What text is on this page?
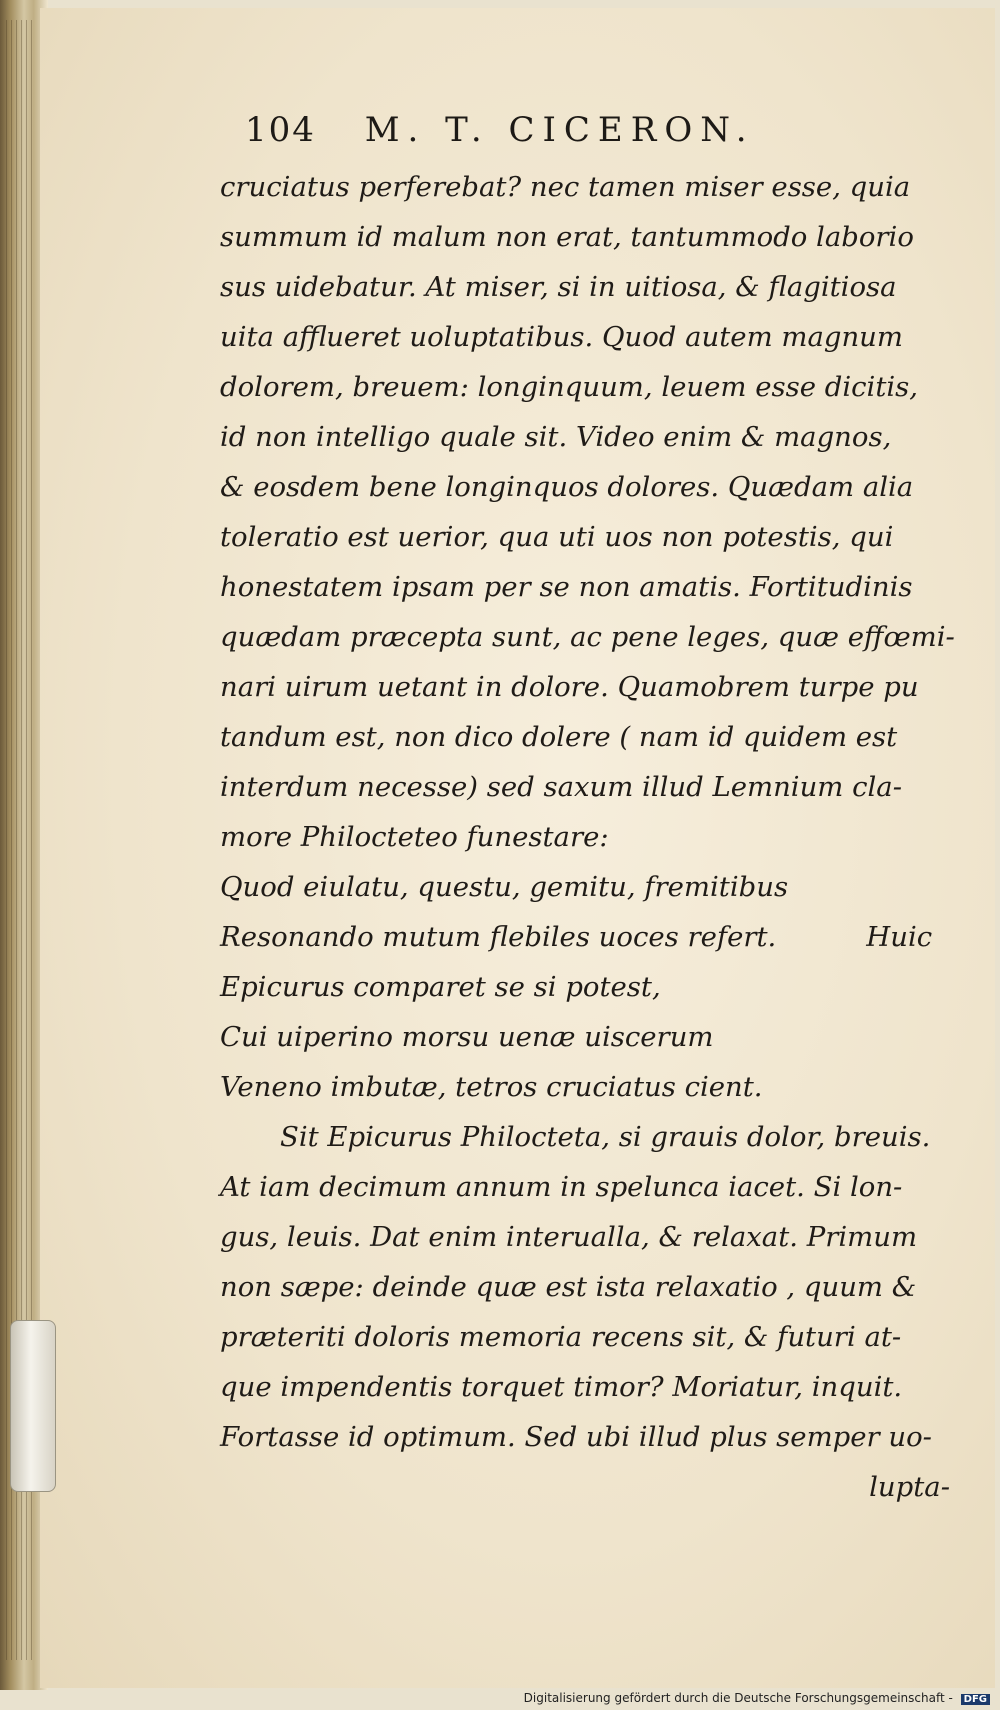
104 M. T. CICERON.
cruciatus perferebat? nec tamen miser esse, quia
summum id malum non erat, tantummodo laborio
sus uidebatur. At miser, si in uitiosa, & flagitiosa
uita afflueret uoluptatibus. Quod autem magnum
dolorem, breuem: longinquum, leuem esse dicitis,
id non intelligo quale sit. Video enim & magnos,
& eosdem bene longinquos dolores. Quædam alia
toleratio est uerior, qua uti uos non potestis, qui
honestatem ipsam per se non amatis. Fortitudinis
quædam præcepta sunt, ac pene leges, quæ effœmi-
nari uirum uetant in dolore. Quamobrem turpe pu
tandum est, non dico dolere ( nam id quidem est
interdum necesse) sed saxum illud Lemnium cla-
more Philocteteo funestare:
Quod eiulatu, questu, gemitu, fremitibus
Resonando mutum flebiles uoces refert.	Huic
Epicurus comparet se si potest,
Cui uiperino morsu uenæ uiscerum
Veneno imbutæ, tetros cruciatus cient.
Sit Epicurus Philocteta, si grauis dolor, breuis.
At iam decimum annum in spelunca iacet. Si lon-
gus, leuis. Dat enim interualla, & relaxat. Primum
non sæpe: deinde quæ est ista relaxatio , quum &
præteriti doloris memoria recens sit, & futuri at-
que impendentis torquet timor? Moriatur, inquit.
Fortasse id optimum. Sed ubi illud plus semper uo-
lupta-
Digitalisierung gefördert durch die Deutsche Forschungsgemeinschaft - DFG
